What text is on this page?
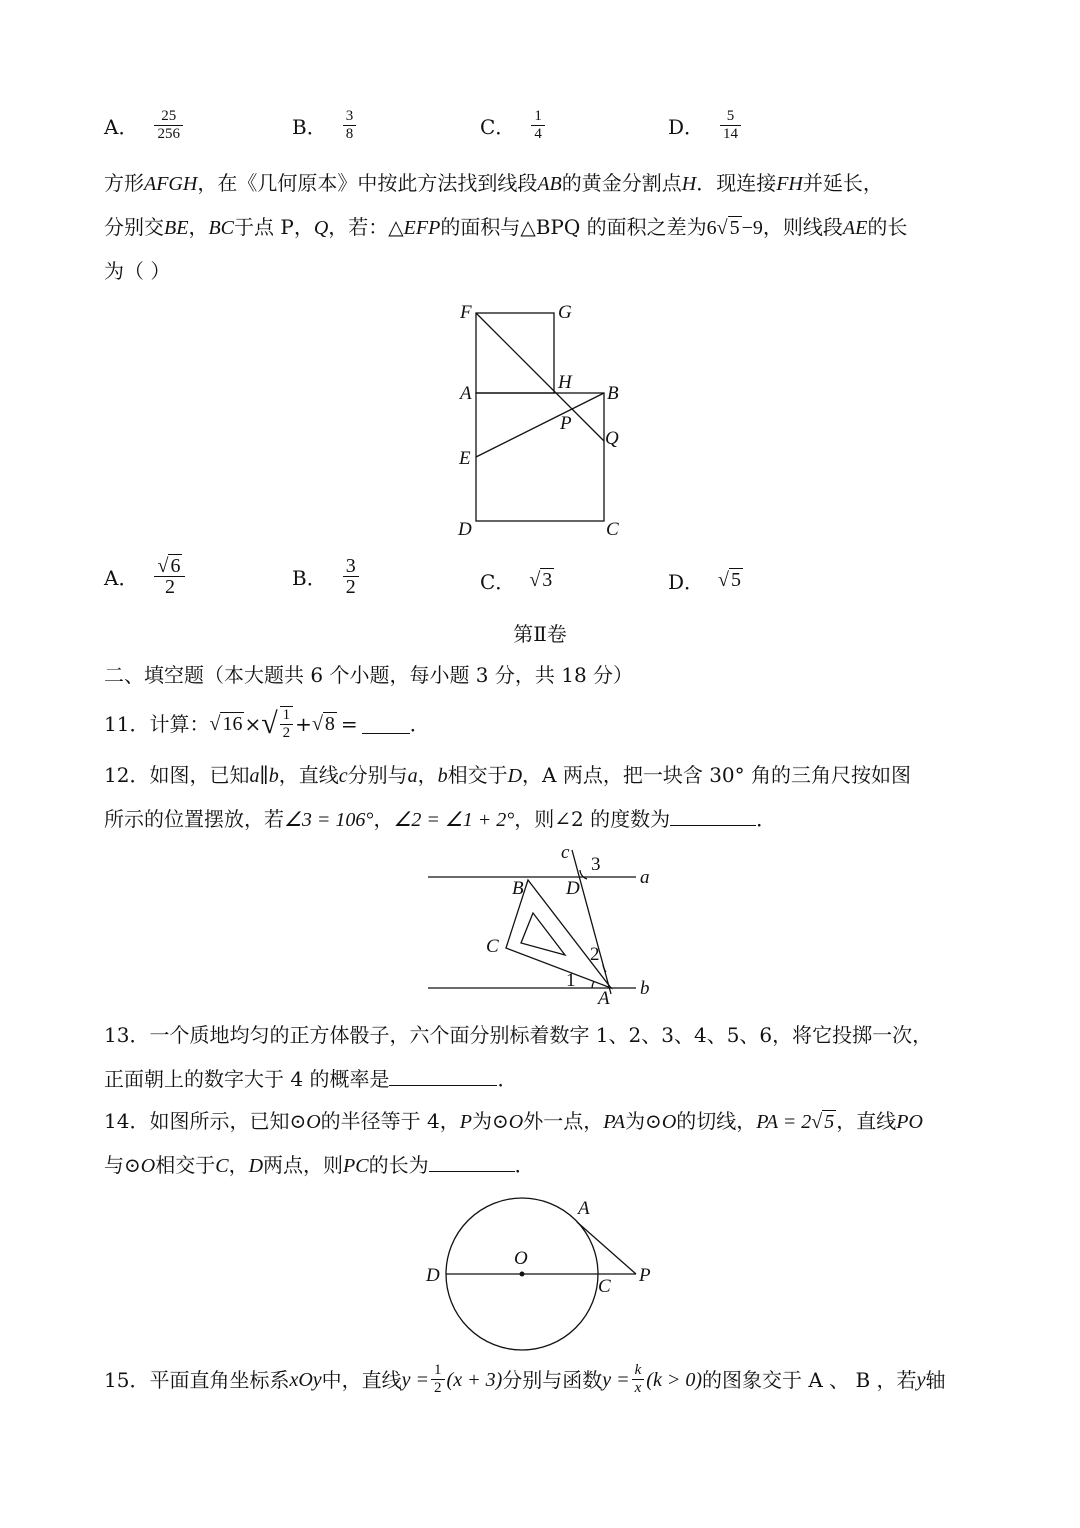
A． $\frac{25}{256}$	B． $\frac{3}{8}$	C． $\frac{1}{4}$	D． $\frac{5}{14}$
方形AFGH，在《几何原本》中按此方法找到线段AB的黄金分割点H．现连接FH并延长，
分别交BE，BC于点 P，Q，若：△EFP的面积与△BPQ 的面积之差为6√ 5 −9，则线段AE的长
为（ ）
F	G
A
H
B
P
Q
E
D	C
A． $\frac{√ 6}{2}$	B． $\frac{3}{2}$	C． √ 3	D． √ 5
第Ⅱ卷
二、填空题（本大题共 6 个小题，每小题 3 分，共 18 分）
11．计算： √ 16 × √ $\frac{1}{2}$ + √ 8 =	．
12．如图，已知a∥b，直线c分别与a，b相交于D，A 两点，把一块含 30° 角的三角尺按如图
所示的位置摆放，若∠3 = 106°，∠2 = ∠1 + 2°，则∠2 的度数为	．
c
3
a
B D
C	2
1
A b
13．一个质地均匀的正方体骰子，六个面分别标着数字 1、2、3、4、5、6，将它投掷一次，
正面朝上的数字大于 4 的概率是	．
14．如图所示，已知⊙O的半径等于 4，P为⊙O外一点，PA为⊙O的切线，PA = 2√ 5 ，直线PO
与⊙O相交于C，D两点，则PC的长为	．
A
O
D
C
P
15．平面直角坐标系 xOy 中，直线 $y = \frac{1}{2} (x + 3)$ 分别与函数 $y = \frac{k}{x} (k > 0)$ 的图象交于 A 、 B ，若 y 轴
